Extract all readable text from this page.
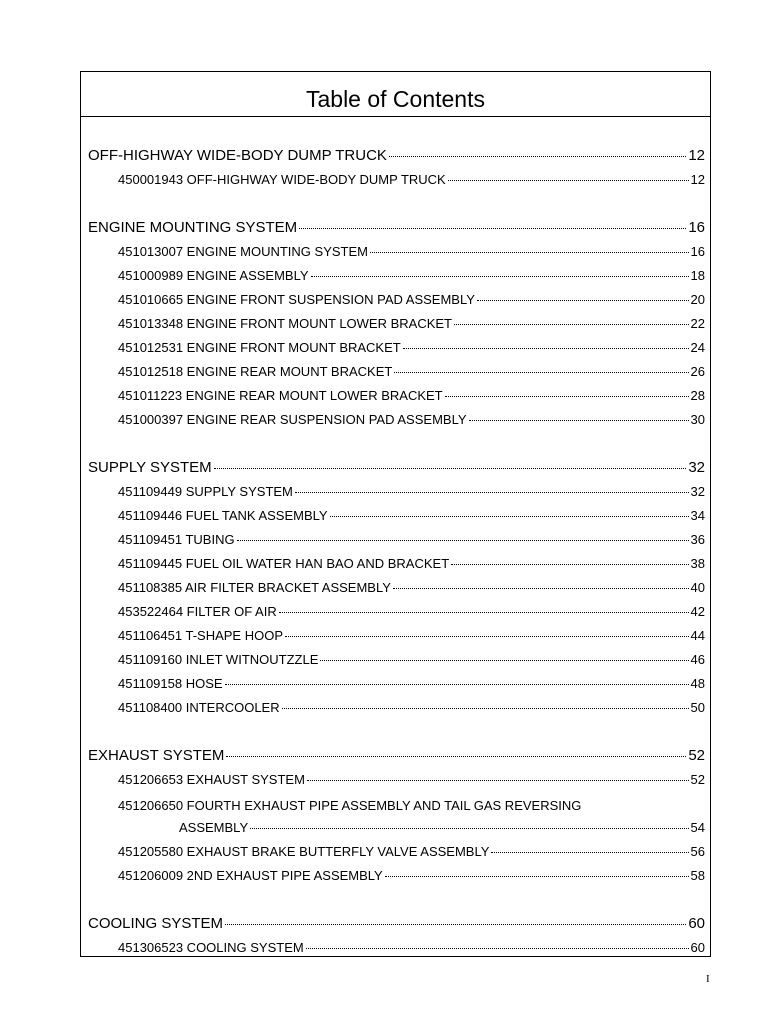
Table of Contents
OFF-HIGHWAY WIDE-BODY DUMP TRUCK	12
450001943 OFF-HIGHWAY WIDE-BODY DUMP TRUCK	12
ENGINE MOUNTING SYSTEM	16
451013007 ENGINE MOUNTING SYSTEM	16
451000989 ENGINE ASSEMBLY	18
451010665 ENGINE FRONT SUSPENSION PAD ASSEMBLY	20
451013348 ENGINE FRONT MOUNT LOWER BRACKET	22
451012531 ENGINE FRONT MOUNT BRACKET	24
451012518 ENGINE REAR MOUNT BRACKET	26
451011223 ENGINE REAR MOUNT LOWER BRACKET	28
451000397 ENGINE REAR SUSPENSION PAD ASSEMBLY	30
SUPPLY SYSTEM	32
451109449 SUPPLY SYSTEM	32
451109446 FUEL TANK ASSEMBLY	34
451109451 TUBING	36
451109445 FUEL OIL WATER HAN BAO AND BRACKET	38
451108385 AIR FILTER BRACKET ASSEMBLY	40
453522464 FILTER OF AIR	42
451106451 T-SHAPE HOOP	44
451109160 INLET WITNOUTZZLE	46
451109158 HOSE	48
451108400 INTERCOOLER	50
EXHAUST SYSTEM	52
451206653 EXHAUST SYSTEM	52
451206650 FOURTH EXHAUST PIPE ASSEMBLY AND TAIL GAS REVERSING
ASSEMBLY	54
451205580 EXHAUST BRAKE BUTTERFLY VALVE ASSEMBLY	56
451206009 2ND EXHAUST PIPE ASSEMBLY	58
COOLING SYSTEM	60
451306523 COOLING SYSTEM	60
I
